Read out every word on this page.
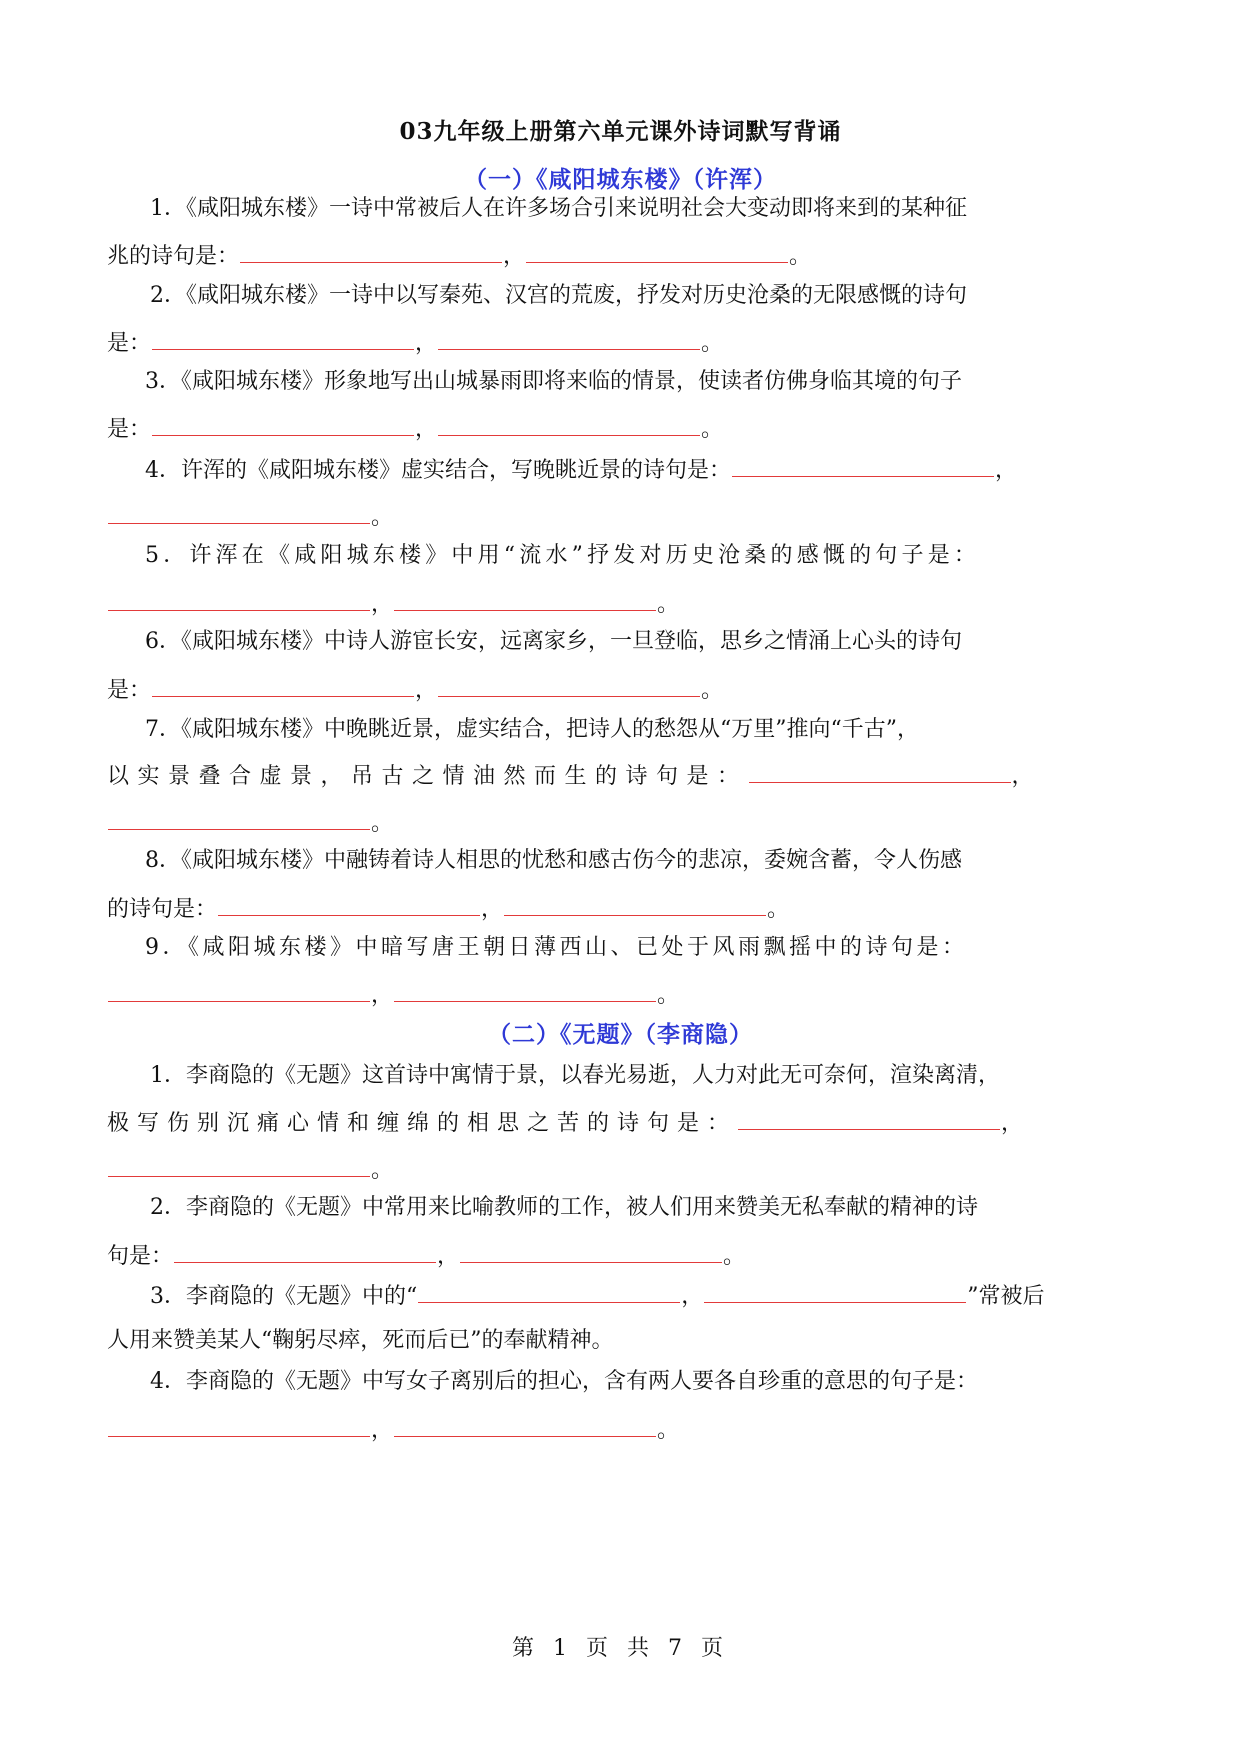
03九年级上册第六单元课外诗词默写背诵
（一）《咸阳城东楼》（许浑）
1．《咸阳城东楼》一诗中常被后人在许多场合引来说明社会大变动即将来到的某种征
兆的诗句是：	，	。
2．《咸阳城东楼》一诗中以写秦苑、汉宫的荒废，抒发对历史沧桑的无限感慨的诗句
是：	，	。
3．《咸阳城东楼》形象地写出山城暴雨即将来临的情景，使读者仿佛身临其境的句子
是：	，	。
4．许浑的《咸阳城东楼》虚实结合，写晚眺近景的诗句是：	，
。
5．许浑在《咸阳城东楼》中用“流水”抒发对历史沧桑的感慨的句子是：
，	。
6．《咸阳城东楼》中诗人游宦长安，远离家乡，一旦登临，思乡之情涌上心头的诗句
是：	，	。
7．《咸阳城东楼》中晚眺近景，虚实结合，把诗人的愁怨从“万里”推向“千古”，
以实景叠合虚景，吊古之情油然而生的诗句是：	，
。
8．《咸阳城东楼》中融铸着诗人相思的忧愁和感古伤今的悲凉，委婉含蓄，令人伤感
的诗句是：	，	。
9．《咸阳城东楼》中暗写唐王朝日薄西山、已处于风雨飘摇中的诗句是：
，	。
（二）《无题》（李商隐）
1．李商隐的《无题》这首诗中寓情于景，以春光易逝，人力对此无可奈何，渲染离清，
极写伤别沉痛心情和缠绵的相思之苦的诗句是：	，
。
2．李商隐的《无题》中常用来比喻教师的工作，被人们用来赞美无私奉献的精神的诗
句是：	，	。
3．李商隐的《无题》中的“	，	”常被后
人用来赞美某人“鞠躬尽瘁，死而后已”的奉献精神。
4．李商隐的《无题》中写女子离别后的担心，含有两人要各自珍重的意思的句子是：
，	。
第 1 页 共 7 页
